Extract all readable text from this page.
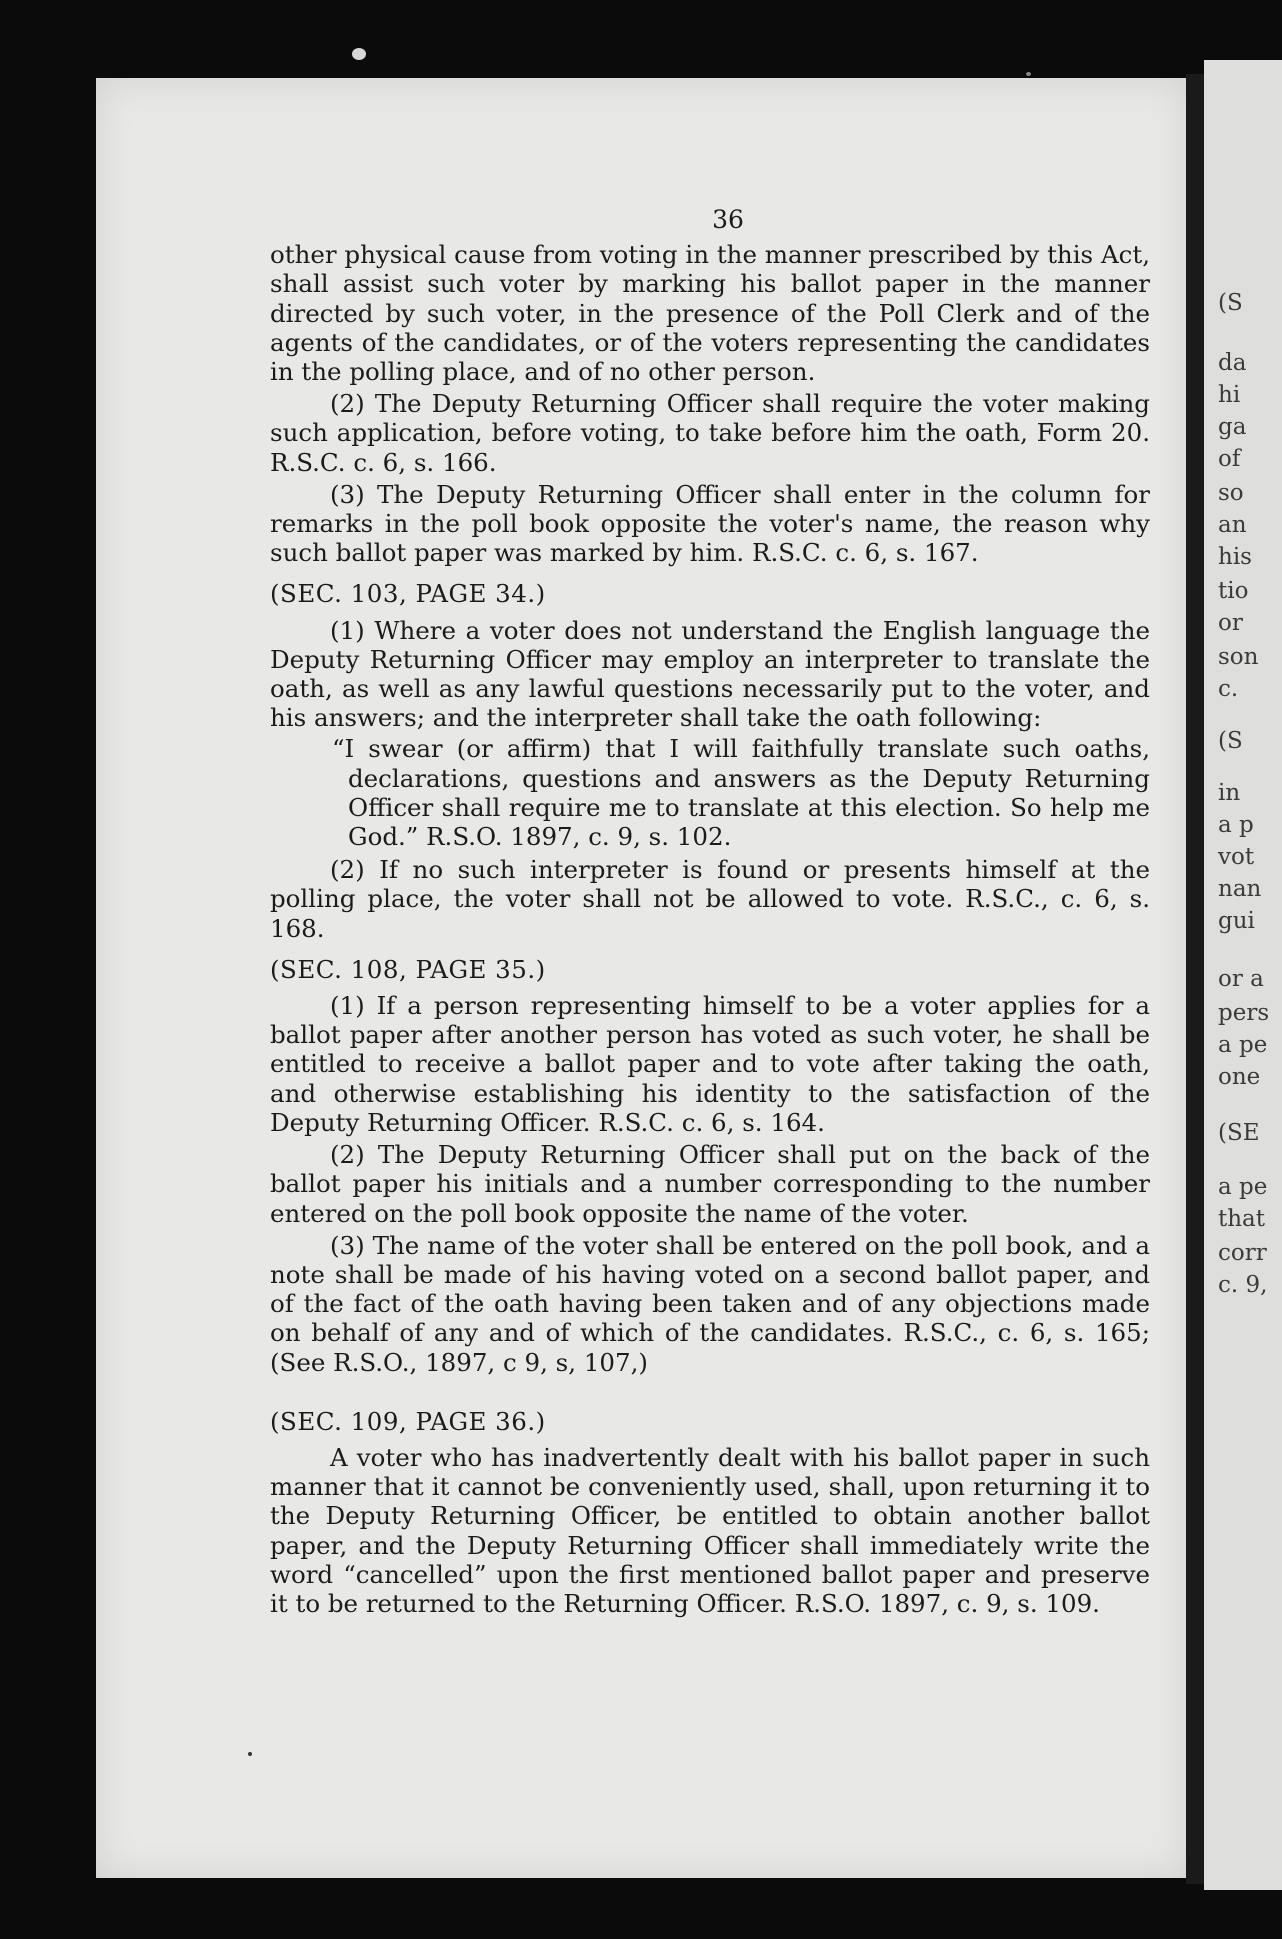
(S
da
hi
ga
of
so
an
his
tio
or
son
c.
(S
in
a p
vot
nan
gui
or a
pers
a pe
one
(SE
a pe
that
corr
c. 9,
36
other physical cause from voting in the manner prescribed by this Act, shall assist such voter by marking his ballot paper in the manner directed by such voter, in the presence of the Poll Clerk and of the agents of the candidates, or of the voters representing the candidates in the polling place, and of no other person.
(2) The Deputy Returning Officer shall require the voter making such application, before voting, to take before him the oath, Form 20. R.S.C. c. 6, s. 166.
(3) The Deputy Returning Officer shall enter in the column for remarks in the poll book opposite the voter's name, the reason why such ballot paper was marked by him. R.S.C. c. 6, s. 167.
(SEC. 103, PAGE 34.)
(1) Where a voter does not understand the English language the Deputy Returning Officer may employ an interpreter to translate the oath, as well as any lawful questions necessarily put to the voter, and his answers; and the interpreter shall take the oath following:
“I swear (or affirm) that I will faithfully translate such oaths, declarations, questions and answers as the Deputy Returning Officer shall require me to translate at this election. So help me God.” R.S.O. 1897, c. 9, s. 102.
(2) If no such interpreter is found or presents himself at the polling place, the voter shall not be allowed to vote. R.S.C., c. 6, s. 168.
(SEC. 108, PAGE 35.)
(1) If a person representing himself to be a voter applies for a ballot paper after another person has voted as such voter, he shall be entitled to receive a ballot paper and to vote after taking the oath, and otherwise establishing his identity to the satisfaction of the Deputy Returning Officer. R.S.C. c. 6, s. 164.
(2) The Deputy Returning Officer shall put on the back of the ballot paper his initials and a number corresponding to the number entered on the poll book opposite the name of the voter.
(3) The name of the voter shall be entered on the poll book, and a note shall be made of his having voted on a second ballot paper, and of the fact of the oath having been taken and of any objections made on behalf of any and of which of the candidates. R.S.C., c. 6, s. 165; (See R.S.O., 1897, c 9, s, 107,)
(SEC. 109, PAGE 36.)
A voter who has inadvertently dealt with his ballot paper in such manner that it cannot be conveniently used, shall, upon returning it to the Deputy Returning Officer, be entitled to obtain another ballot paper, and the Deputy Returning Officer shall immediately write the word “cancelled” upon the first mentioned ballot paper and preserve it to be returned to the Returning Officer. R.S.O. 1897, c. 9, s. 109.
